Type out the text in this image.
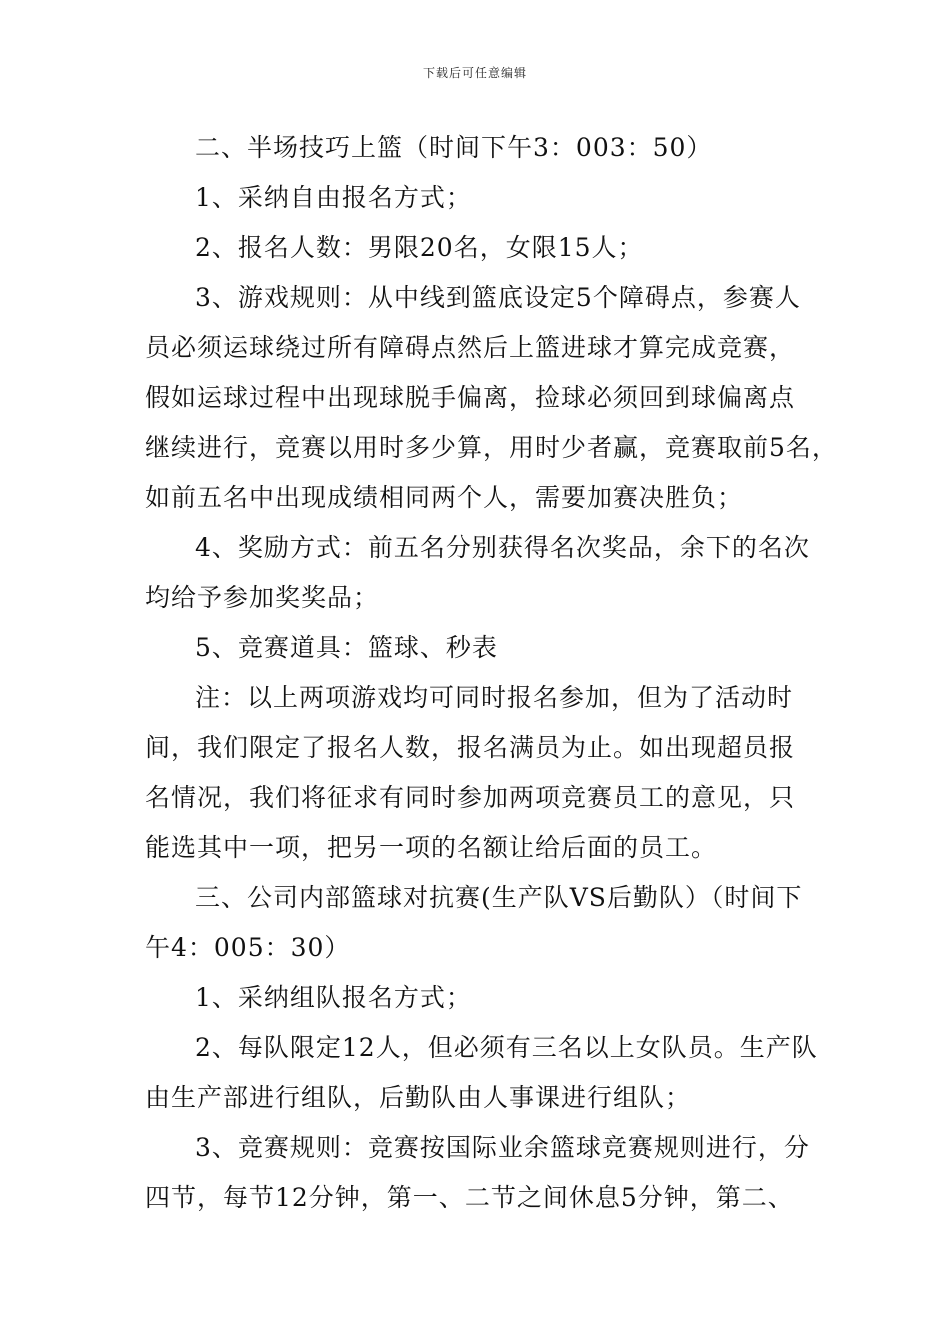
下载后可任意编辑
二、半场技巧上篮（时间下午3：003：50）
1、采纳自由报名方式；
2、报名人数：男限20名，女限15人；
3、游戏规则：从中线到篮底设定5个障碍点，参赛人
员必须运球绕过所有障碍点然后上篮进球才算完成竞赛，
假如运球过程中出现球脱手偏离，捡球必须回到球偏离点
继续进行，竞赛以用时多少算，用时少者赢，竞赛取前5名，
如前五名中出现成绩相同两个人，需要加赛决胜负；
4、奖励方式：前五名分别获得名次奖品，余下的名次
均给予参加奖奖品；
5、竞赛道具：篮球、秒表
注：以上两项游戏均可同时报名参加，但为了活动时
间，我们限定了报名人数，报名满员为止。如出现超员报
名情况，我们将征求有同时参加两项竞赛员工的意见，只
能选其中一项，把另一项的名额让给后面的员工。
三、公司内部篮球对抗赛(生产队VS后勤队）（时间下
午4：005：30）
1、采纳组队报名方式；
2、每队限定12人，但必须有三名以上女队员。生产队
由生产部进行组队，后勤队由人事课进行组队；
3、竞赛规则：竞赛按国际业余篮球竞赛规则进行，分
四节，每节12分钟，第一、二节之间休息5分钟，第二、
